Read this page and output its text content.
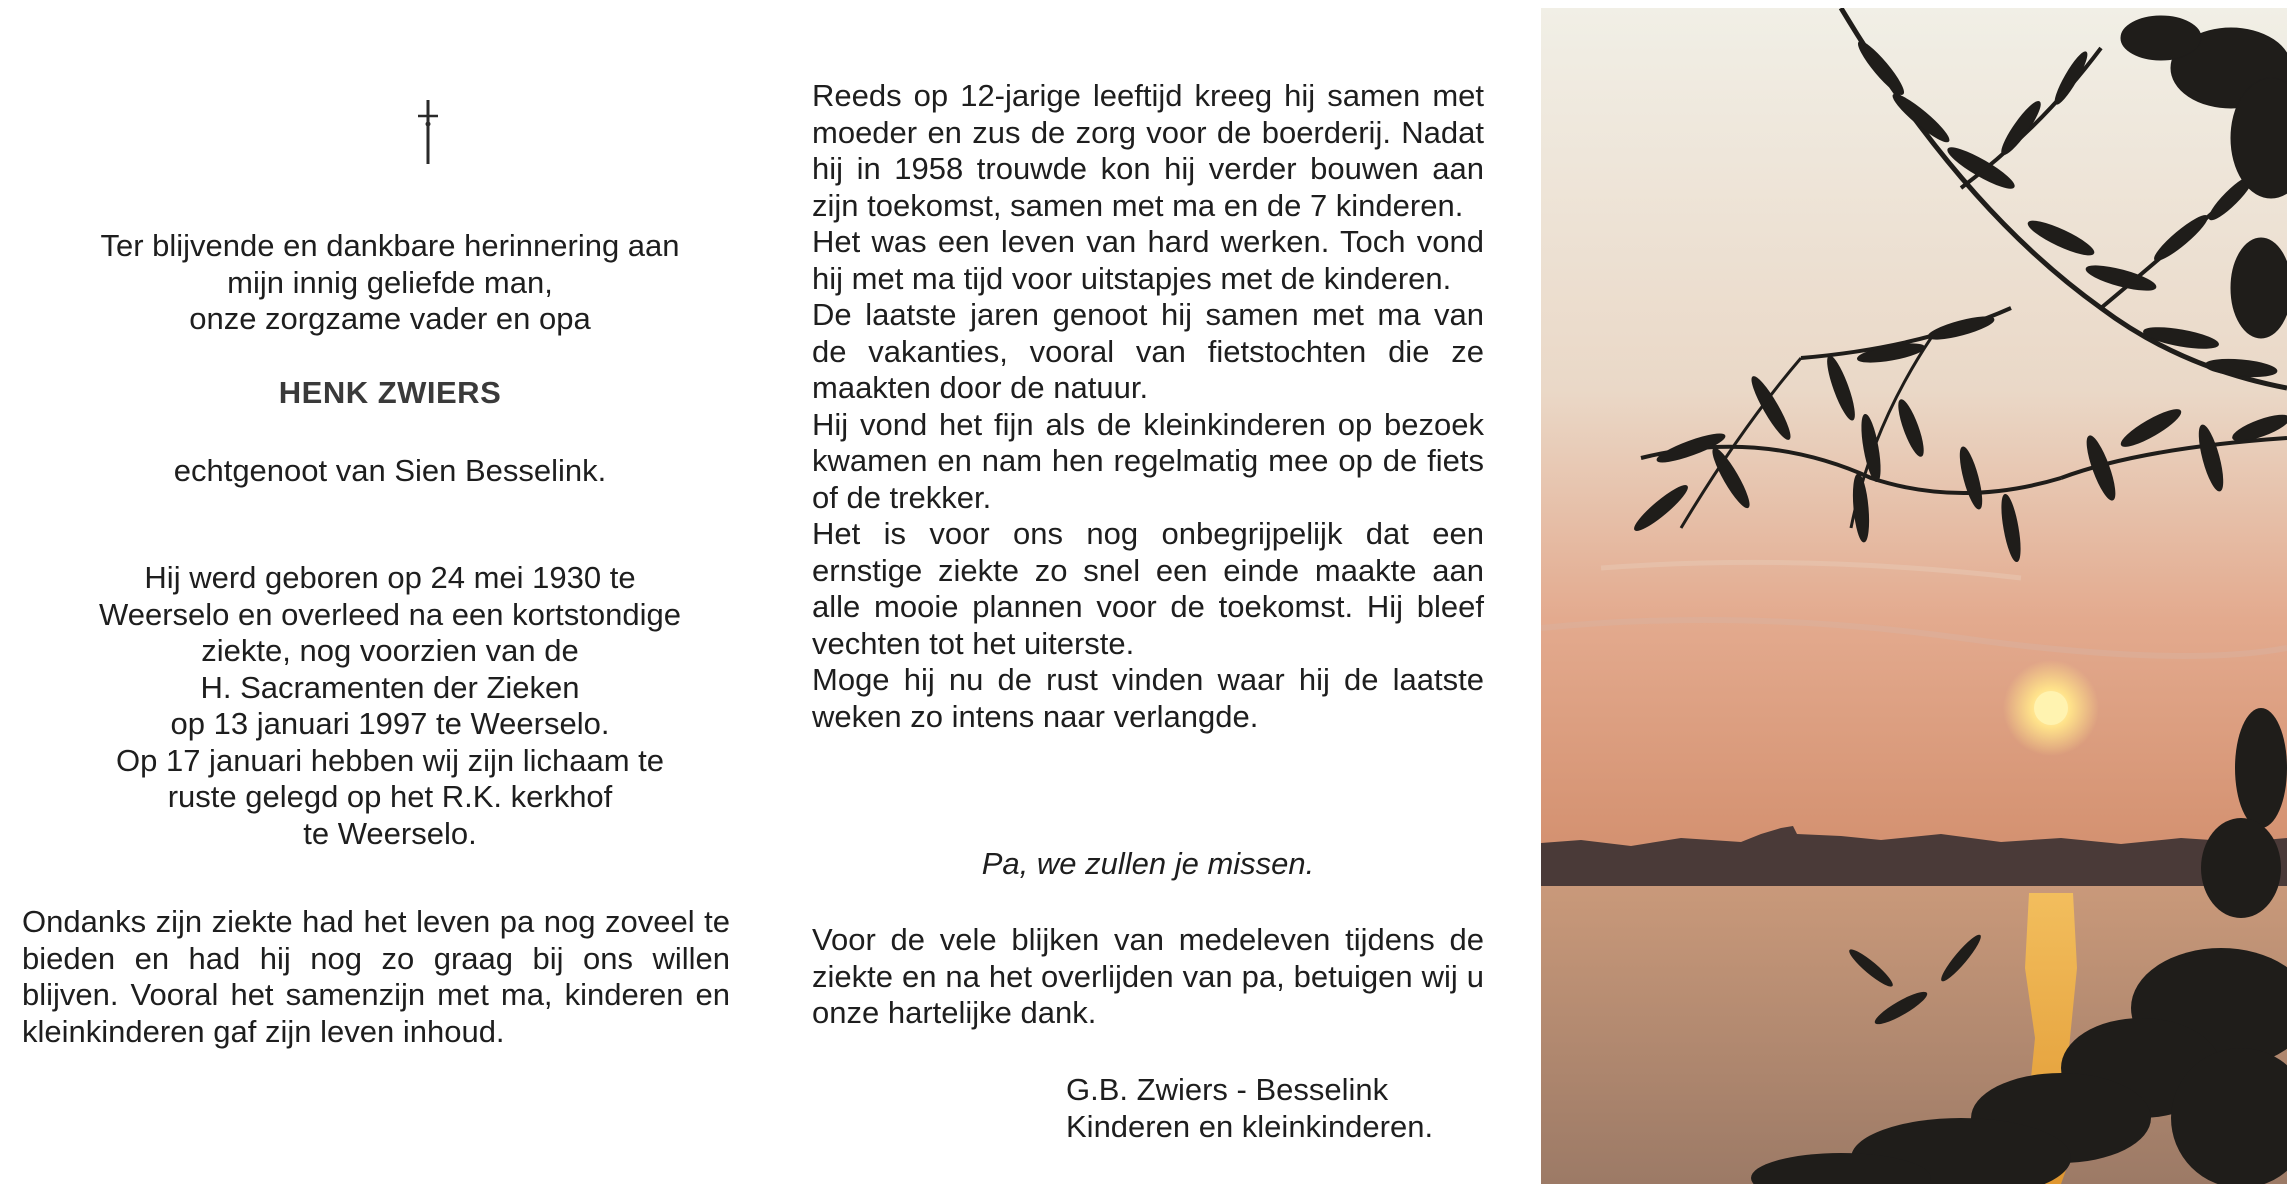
Ter blijvende en dankbare herinnering aan

mijn innig geliefde man,

onze zorgzame vader en opa

HENK ZWIERS
echtgenoot van Sien Besselink.

Hij werd geboren op 24 mei 1930 te

Weerselo en overleed na een kortstondige

ziekte, nog voorzien van de

H. Sacramenten der Zieken

op 13 januari 1997 te Weerselo.

Op 17 januari hebben wij zijn lichaam te

ruste gelegd op het R.K. kerkhof

te Weerselo.

Ondanks zijn ziekte had het leven pa nog zoveel te bieden en had hij nog zo graag bij ons willen blijven. Vooral het samenzijn met ma, kinderen en kleinkinderen gaf zijn leven inhoud.

Reeds op 12-jarige leeftijd kreeg hij samen met moeder en zus de zorg voor de boerderij. Nadat hij in 1958 trouwde kon hij verder bouwen aan zijn toekomst, samen met ma en de 7 kinderen.

Het was een leven van hard werken. Toch vond hij met ma tijd voor uitstapjes met de kinderen.

De laatste jaren genoot hij samen met ma van de vakanties, vooral van fietstochten die ze maakten door de natuur.

Hij vond het fijn als de kleinkinderen op bezoek kwamen en nam hen regelmatig mee op de fiets of de trekker.

Het is voor ons nog onbegrijpelijk dat een ernstige ziekte zo snel een einde maakte aan alle mooie plannen voor de toekomst. Hij bleef vechten tot het uiterste.

Moge hij nu de rust vinden waar hij de laatste weken zo intens naar verlangde.

Pa, we zullen je missen.
Voor de vele blijken van medeleven tijdens de ziekte en na het overlijden van pa, betuigen wij u onze hartelijke dank.

G.B. Zwiers - Besselink

Kinderen en kleinkinderen.
